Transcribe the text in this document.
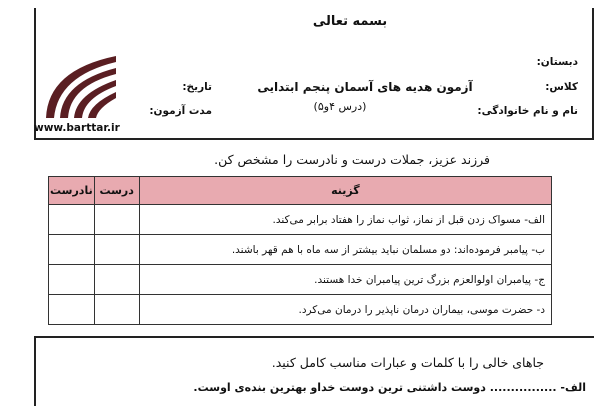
بسمه تعالی
آزمون هدیه های آسمان پنجم ابتدایی
(درس ۴و۵)
دبستان:
کلاس:
نام و نام خانوادگی:
تاریخ:
مدت آزمون:
www.barttar.ir
فرزند عزیز، جملات درست و نادرست را مشخص کن.
گزینه	درست	نادرست
الف- مسواک زدن قبل از نماز، ثواب نماز را هفتاد برابر می‌کند.		
ب- پیامبر فرموده‌اند: دو مسلمان نباید بیشتر از سه ماه با هم قهر باشند.		
ج- پیامبران اولوالعزم بزرگ ترین پیامبران خدا هستند.		
د- حضرت موسی، بیماران درمان ناپذیر را درمان می‌کرد.		
جاهای خالی را با کلمات و عبارات مناسب کامل کنید.
الف- ................ دوست داشتنی ترین دوست خداو بهترین بنده‌ی اوست.
